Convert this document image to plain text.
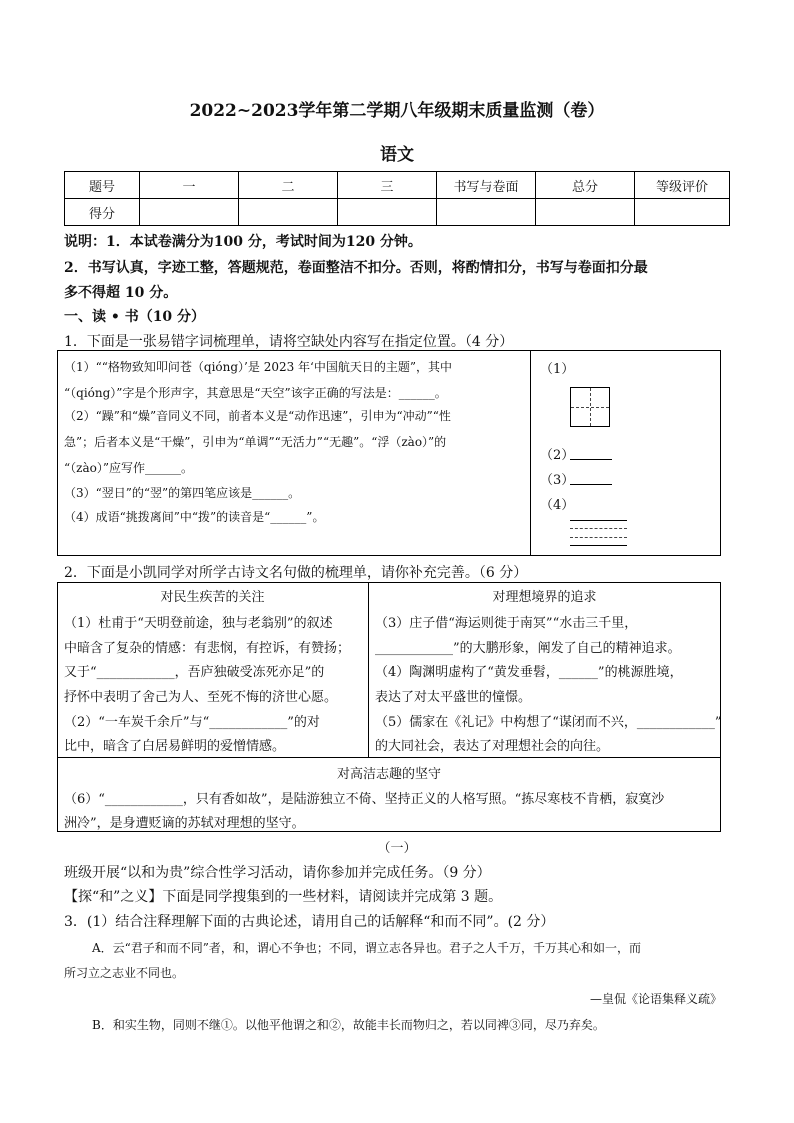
2022~2023学年第二学期八年级期末质量监测（卷）
语文
题号	一	二	三	书写与卷面	总分	等级评价
得分						
说明：1．本试卷满分为100 分，考试时间为120 分钟。
2．书写认真，字迹工整，答题规范，卷面整洁不扣分。否则，将酌情扣分，书写与卷面扣分最
多不得超 10 分。
一、读 • 书（10 分）
1．下面是一张易错字词梳理单，请将空缺处内容写在指定位置。（4 分）
（1）““格物致知叩问苍（qióng）’是 2023 年‘中国航天日的主题”，其中
“（qióng）”字是个形声字，其意思是“天空”该字正确的写法是：______。
（2）“躁”和“燥”音同义不同，前者本义是“动作迅速”，引申为“冲动”“性
急”；后者本义是“干燥”，引申为“单调”“无活力”“无趣”。“浮（zào）”的
“（zào）”应写作______。
（3）“翌日”的“翌”的第四笔应该是______。
（4）成语“挑拨离间”中“拨”的读音是“______”。
（1）
（2）
（3）
（4）
2．下面是小凯同学对所学古诗文名句做的梳理单，请你补充完善。（6 分）
对民生疾苦的关注	对理想境界的追求
（1）杜甫于“天明登前途，独与老翁别”的叙述
中暗含了复杂的情感：有悲悯，有控诉，有赞扬；
又于“____________，吾庐独破受冻死亦足”的
抒怀中表明了舍己为人、至死不悔的济世心愿。
（2）“一车炭千余斤”与“____________”的对
比中，暗含了白居易鲜明的爱憎情感。
（3）庄子借“海运则徙于南冥”“水击三千里，
____________”的大鹏形象，阐发了自己的精神追求。
（4）陶渊明虚构了“黄发垂髫，______”的桃源胜境，
表达了对太平盛世的憧憬。
（5）儒家在《礼记》中构想了“谋闭而不兴，____________”
的大同社会，表达了对理想社会的向往。
对高洁志趣的坚守
（6）“____________，只有香如故”，是陆游独立不倚、坚持正义的人格写照。“拣尽寒枝不肯栖，寂寞沙
洲冷”，是身遭贬谪的苏轼对理想的坚守。
（一）
班级开展“以和为贵”综合性学习活动，请你参加并完成任务。（9 分）
【探“和”之义】下面是同学搜集到的一些材料，请阅读并完成第 3 题。
3．(1）结合注释理解下面的古典论述，请用自己的话解释“和而不同”。(2 分）
A．云“君子和而不同”者，和，谓心不争也；不同，谓立志各异也。君子之人千万，千万其心和如一，而
所习立之志业不同也。
—皇侃《论语集释义疏》
B．和实生物，同则不继①。以他平他谓之和②，故能丰长而物归之，若以同裨③同，尽乃弃矣。
